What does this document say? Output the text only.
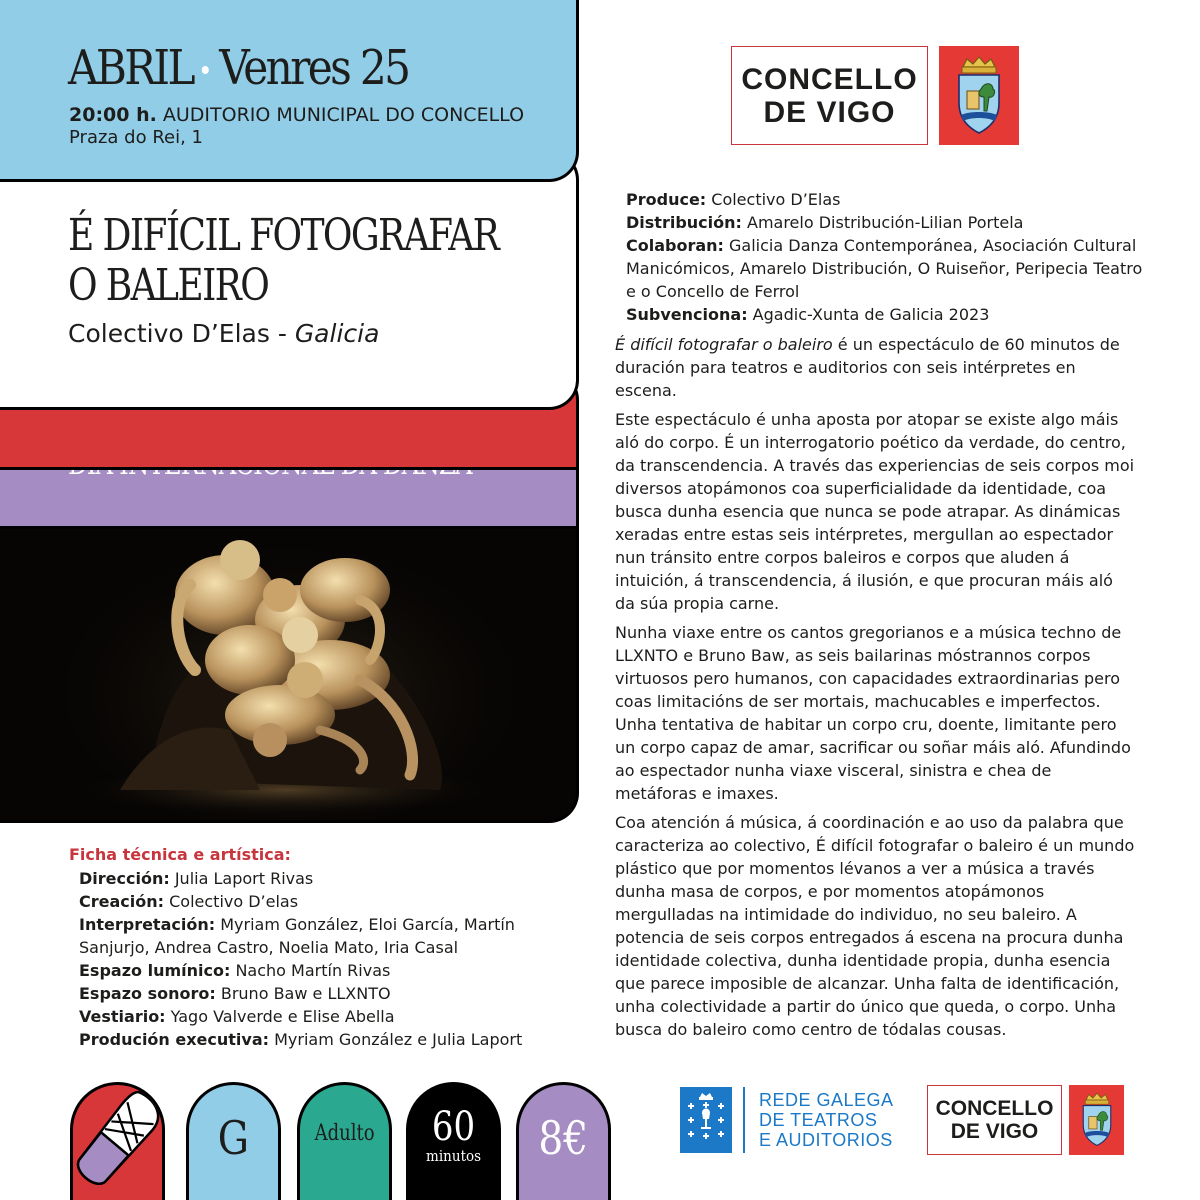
ABRIL Venres 25
20:00 h. AUDITORIO MUNICIPAL DO CONCELLO
Praza do Rei, 1
É DIFÍCIL FOTOGRAFAR
O BALEIRO
Colectivo D’Elas - Galicia
Ficha técnica e artística:
Dirección: Julia Laport Rivas
Creación: Colectivo D’elas
Interpretación: Myriam González, Eloi García, Martín Sanjurjo, Andrea Castro, Noelia Mato, Iria Casal
Espazo lumínico: Nacho Martín Rivas
Espazo sonoro: Bruno Baw e LLXNTO
Vestiario: Yago Valverde e Elise Abella
Produción executiva: Myriam González e Julia Laport
G	Adulto 60
minutos 8€
CONCELLO
DE VIGO
Produce: Colectivo D’Elas
Distribución: Amarelo Distribución-Lilian Portela
Colaboran: Galicia Danza Contemporánea, Asociación Cultural Manicómicos, Amarelo Distribución, O Ruiseñor, Peripecia Teatro e o Concello de Ferrol
Subvenciona: Agadic-Xunta de Galicia 2023

É difícil fotografar o baleiro é un espectáculo de 60 minutos de duración para teatros e auditorios con seis intérpretes en escena.

Este espectáculo é unha aposta por atopar se existe algo máis aló do corpo. É un interrogatorio poético da verdade, do centro, da transcendencia. A través das experiencias de seis corpos moi diversos atopámonos coa superficialidade da identidade, coa busca dunha esencia que nunca se pode atrapar. As dinámicas xeradas entre estas seis intérpretes, mergullan ao espectador nun tránsito entre corpos baleiros e corpos que aluden á intuición, á transcendencia, á ilusión, e que procuran máis aló da súa propia carne.

Nunha viaxe entre os cantos gregorianos e a música techno de LLXNTO e Bruno Baw, as seis bailarinas móstrannos corpos virtuosos pero humanos, con capacidades extraordinarias pero coas limitacións de ser mortais, machucables e imperfectos. Unha tentativa de habitar un corpo cru, doente, limitante pero un corpo capaz de amar, sacrificar ou soñar máis aló. Afundindo ao espectador nunha viaxe visceral, sinistra e chea de metáforas e imaxes.

Coa atención á música, á coordinación e ao uso da palabra que caracteriza ao colectivo, É difícil fotografar o baleiro é un mundo plástico que por momentos lévanos a ver a música a través dunha masa de corpos, e por momentos atopámonos mergulladas na intimidade do individuo, no seu baleiro. A potencia de seis corpos entregados á escena na procura dunha identidade colectiva, dunha identidade propia, dunha esencia que parece imposible de alcanzar. Unha falta de identificación, unha colectividade a partir do único que queda, o corpo. Unha busca do baleiro como centro de tódalas cousas.

REDE GALEGA
DE TEATROS
E AUDITORIOS
CONCELLO
DE VIGO
